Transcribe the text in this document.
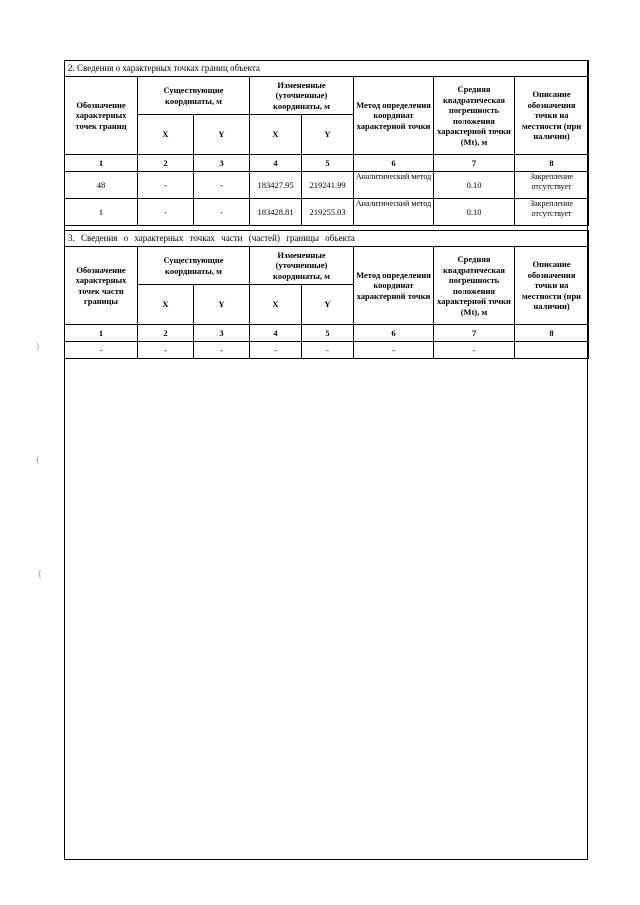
2. Сведения о характерных точках границ объекта							
Обозначение характерных точек границ	Существующие координаты, м		Измененные (уточненные) координаты, м		Метод определения координат характерной точки	Средняя квадратическая погрешность положения характерной точки (Mt), м	Описание обозначения точки на местности (при наличии)
	X	Y	X	Y			
1	2	3	4	5	6	7	8
48	-	-	183427.95	219241.99	Аналитический метод	0.10	Закрепление отсутствует
1	-	-	183428.81	219255.03	Аналитический метод	0.10	Закрепление отсутствует
3. Сведения о характерных точках части (частей) границы объекта							
Обозначение характерных точек части границы	Существующие координаты, м		Измененные (уточненные) координаты, м		Метод определения координат характерной точки	Средняя квадратическая погрешность положения характерной точки (Mt), м	Описание обозначения точки на местности (при наличии)
	X	Y	X	Y			
1	2	3	4	5	6	7	8
-	-	-	-	-	-	-	
)
(
(
